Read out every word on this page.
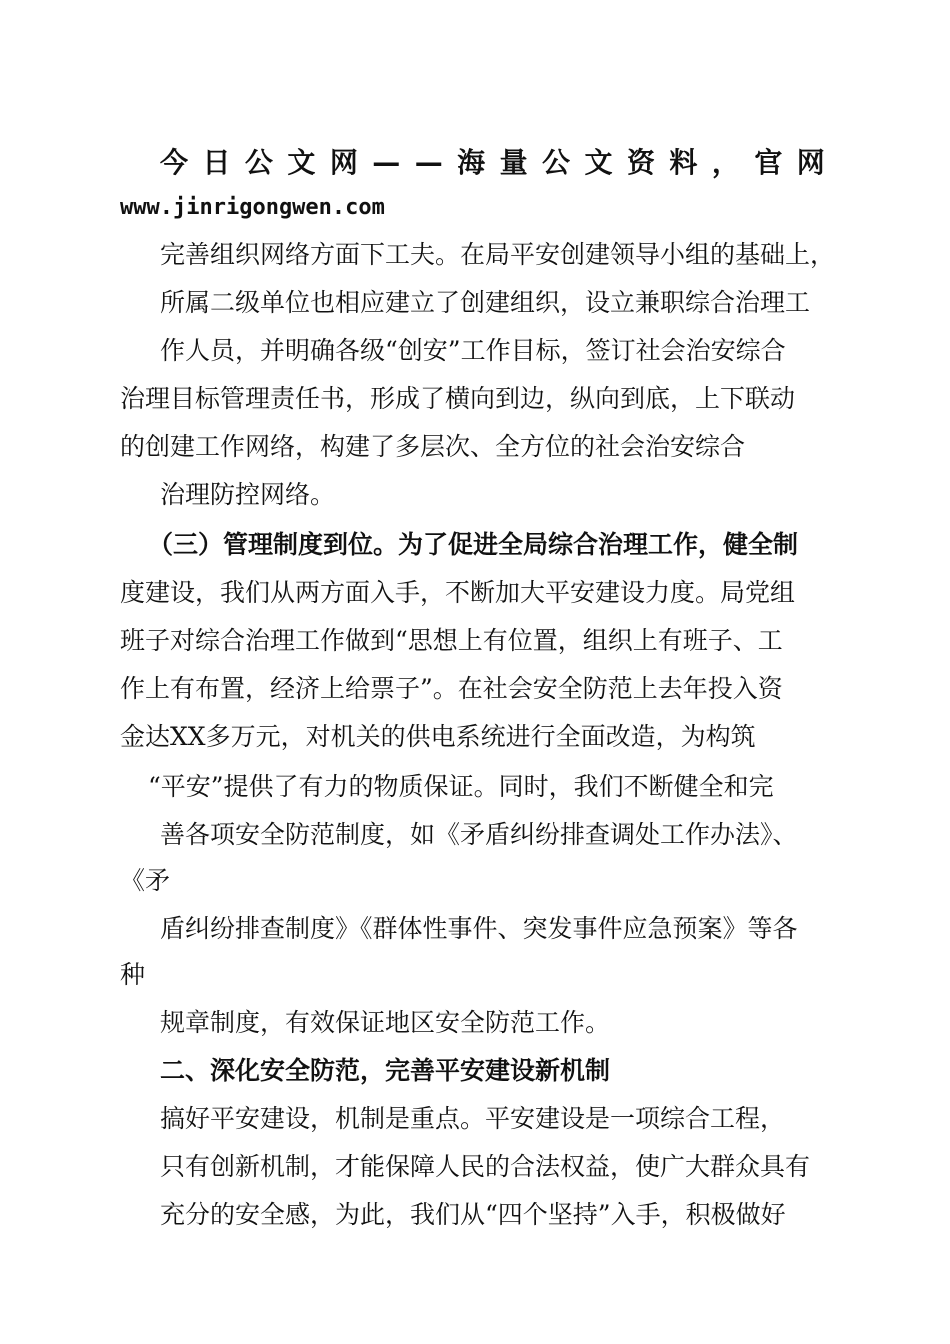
今 日 公 文 网 — — 海 量 公 文 资 料 ， 官 网
www.jinrigongwen.com
完善组织网络方面下工夫。在局平安创建领导小组的基础上，
所属二级单位也相应建立了创建组织，设立兼职综合治理工
作人员，并明确各级“创安”工作目标，签订社会治安综合
治理目标管理责任书，形成了横向到边，纵向到底，上下联动
的创建工作网络，构建了多层次、全方位的社会治安综合
治理防控网络。
（三）管理制度到位。为了促进全局综合治理工作，健全制
度建设，我们从两方面入手，不断加大平安建设力度。局党组
班子对综合治理工作做到“思想上有位置，组织上有班子、工
作上有布置，经济上给票子”。在社会安全防范上去年投入资
金达XX多万元，对机关的供电系统进行全面改造，为构筑
“平安”提供了有力的物质保证。同时，我们不断健全和完
善各项安全防范制度，如《矛盾纠纷排查调处工作办法》、
《矛
盾纠纷排查制度》《群体性事件、突发事件应急预案》等各
种
规章制度，有效保证地区安全防范工作。
二、深化安全防范，完善平安建设新机制
搞好平安建设，机制是重点。平安建设是一项综合工程，
只有创新机制，才能保障人民的合法权益，使广大群众具有
充分的安全感，为此，我们从“四个坚持”入手，积极做好
